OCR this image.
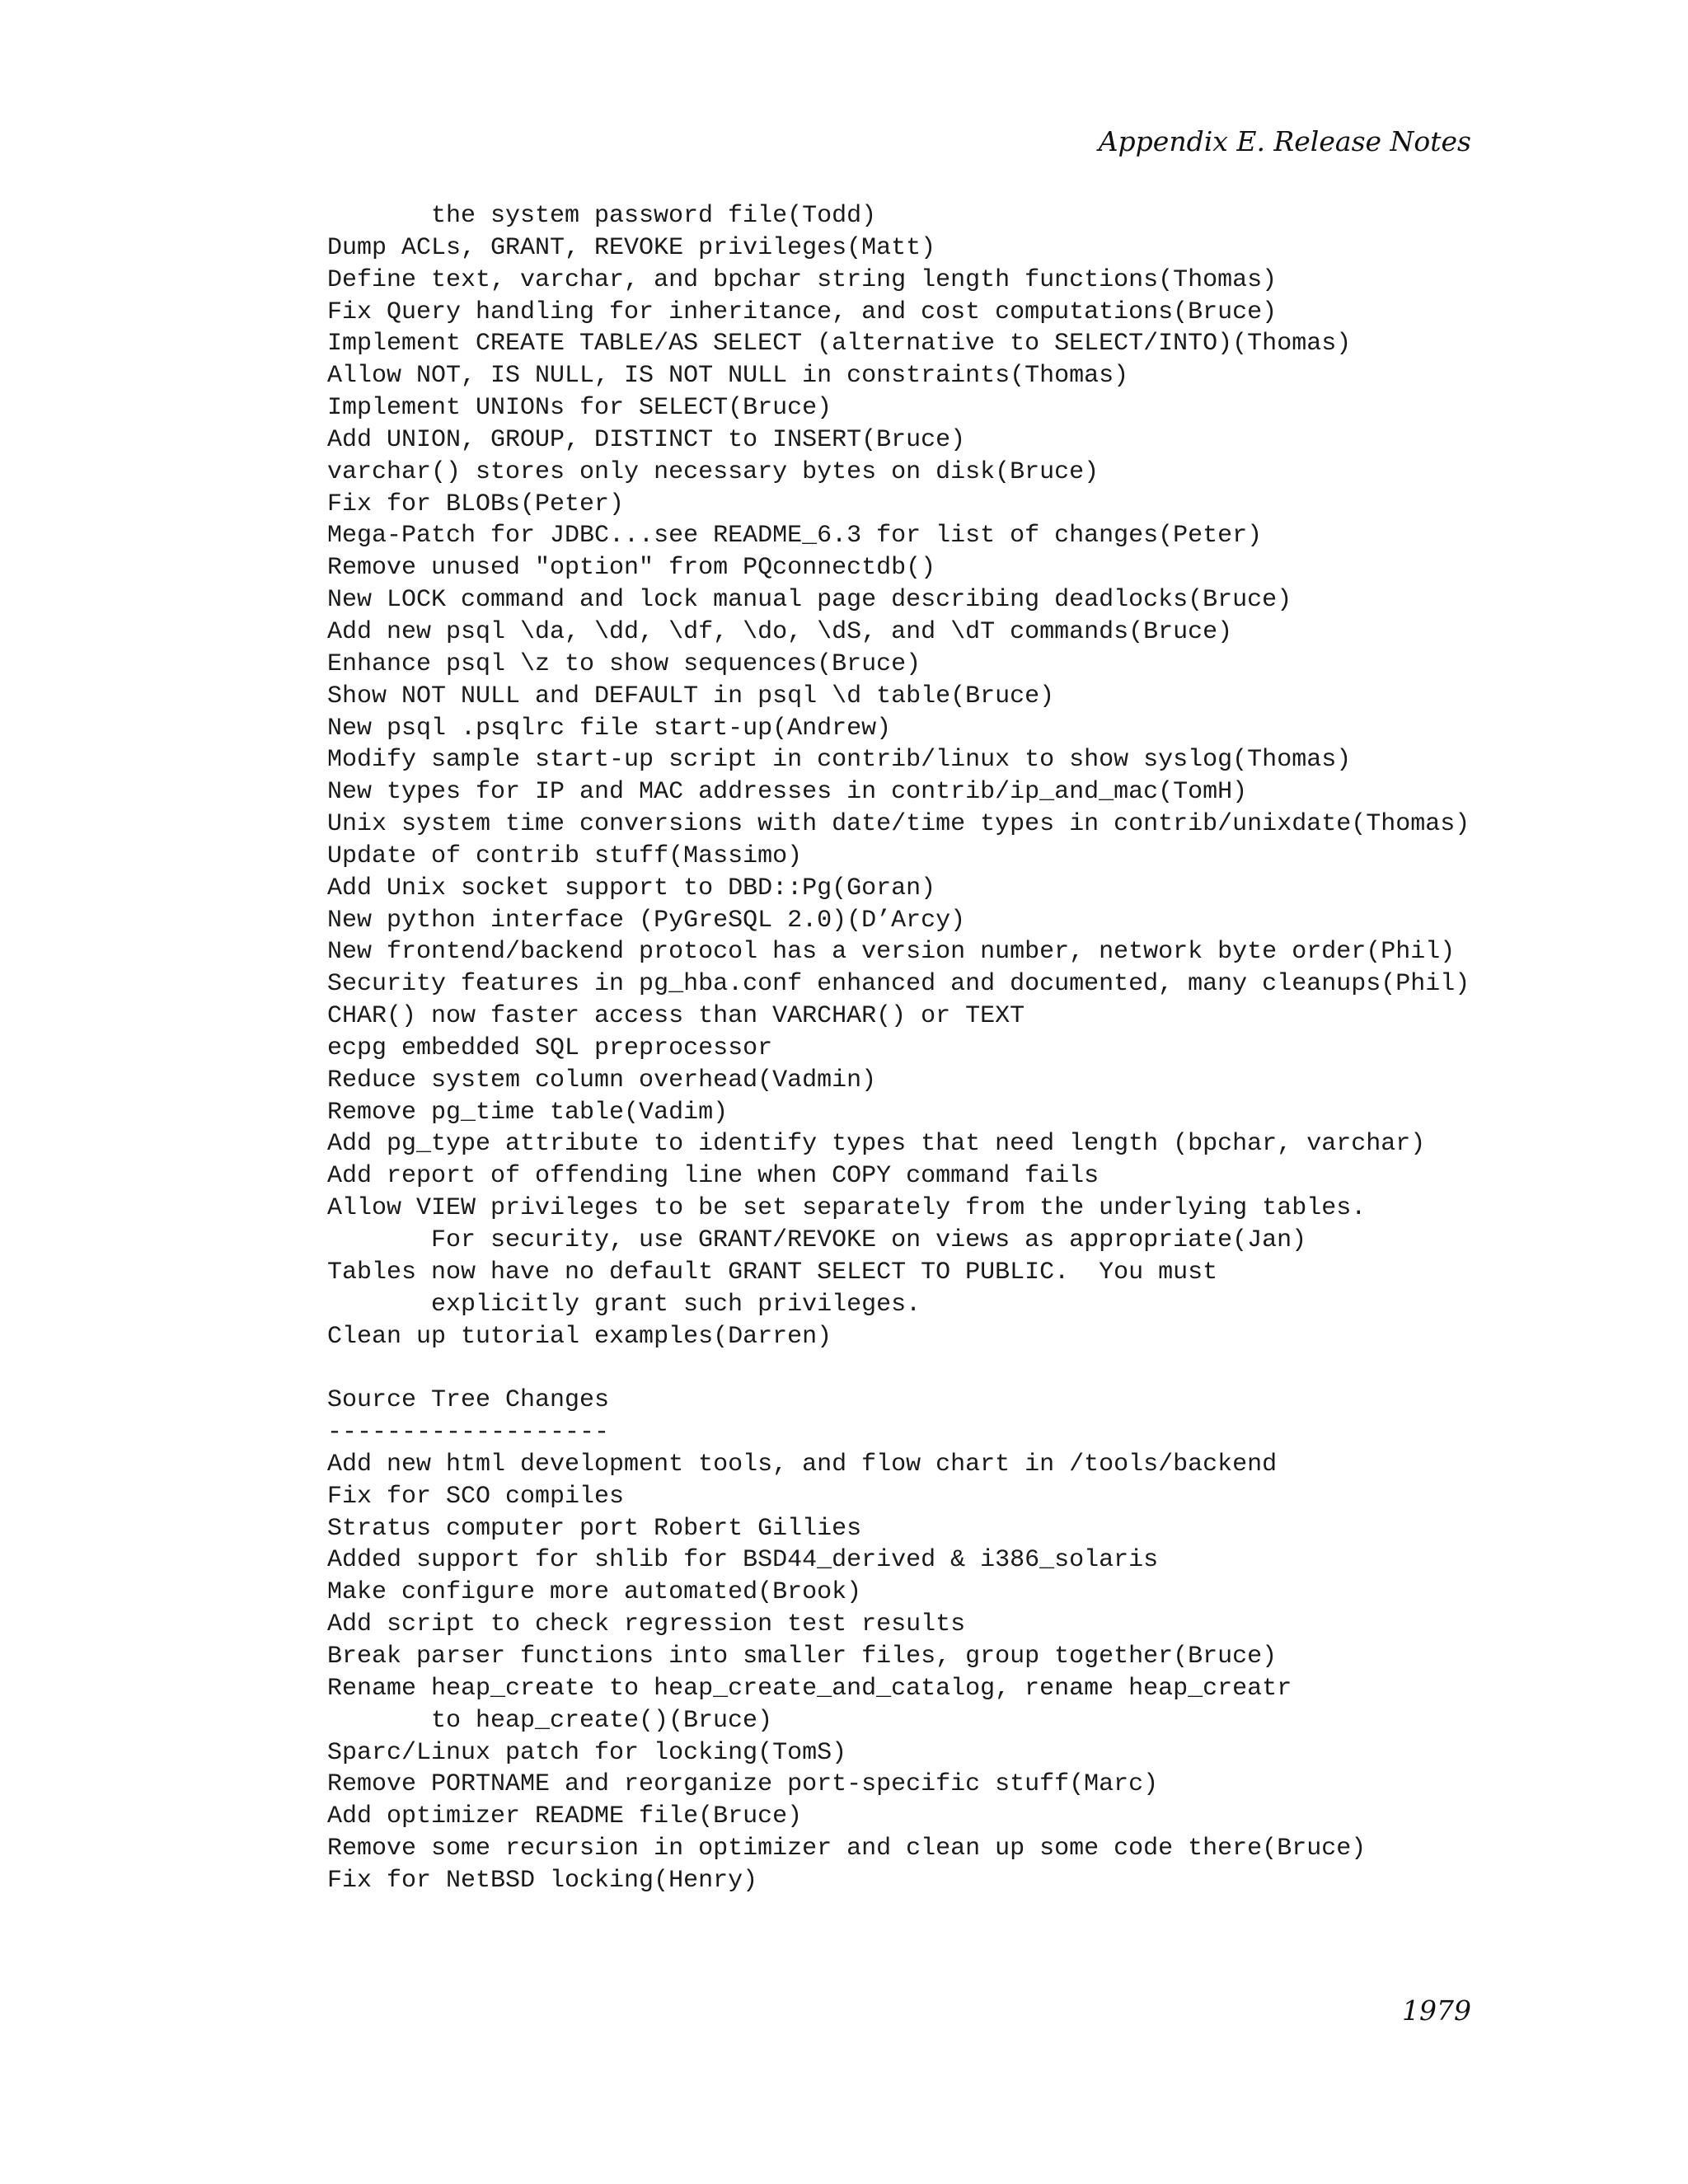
Appendix E. Release Notes
the system password file(Todd)
Dump ACLs, GRANT, REVOKE privileges(Matt)
Define text, varchar, and bpchar string length functions(Thomas)
Fix Query handling for inheritance, and cost computations(Bruce)
Implement CREATE TABLE/AS SELECT (alternative to SELECT/INTO)(Thomas)
Allow NOT, IS NULL, IS NOT NULL in constraints(Thomas)
Implement UNIONs for SELECT(Bruce)
Add UNION, GROUP, DISTINCT to INSERT(Bruce)
varchar() stores only necessary bytes on disk(Bruce)
Fix for BLOBs(Peter)
Mega-Patch for JDBC...see README_6.3 for list of changes(Peter)
Remove unused "option" from PQconnectdb()
New LOCK command and lock manual page describing deadlocks(Bruce)
Add new psql \da, \dd, \df, \do, \dS, and \dT commands(Bruce)
Enhance psql \z to show sequences(Bruce)
Show NOT NULL and DEFAULT in psql \d table(Bruce)
New psql .psqlrc file start-up(Andrew)
Modify sample start-up script in contrib/linux to show syslog(Thomas)
New types for IP and MAC addresses in contrib/ip_and_mac(TomH)
Unix system time conversions with date/time types in contrib/unixdate(Thomas)
Update of contrib stuff(Massimo)
Add Unix socket support to DBD::Pg(Goran)
New python interface (PyGreSQL 2.0)(D’Arcy)
New frontend/backend protocol has a version number, network byte order(Phil)
Security features in pg_hba.conf enhanced and documented, many cleanups(Phil)
CHAR() now faster access than VARCHAR() or TEXT
ecpg embedded SQL preprocessor
Reduce system column overhead(Vadmin)
Remove pg_time table(Vadim)
Add pg_type attribute to identify types that need length (bpchar, varchar)
Add report of offending line when COPY command fails
Allow VIEW privileges to be set separately from the underlying tables.
For security, use GRANT/REVOKE on views as appropriate(Jan)
Tables now have no default GRANT SELECT TO PUBLIC.  You must
explicitly grant such privileges.
Clean up tutorial examples(Darren)
Source Tree Changes
-------------------
Add new html development tools, and flow chart in /tools/backend
Fix for SCO compiles
Stratus computer port Robert Gillies
Added support for shlib for BSD44_derived & i386_solaris
Make configure more automated(Brook)
Add script to check regression test results
Break parser functions into smaller files, group together(Bruce)
Rename heap_create to heap_create_and_catalog, rename heap_creatr
to heap_create()(Bruce)
Sparc/Linux patch for locking(TomS)
Remove PORTNAME and reorganize port-specific stuff(Marc)
Add optimizer README file(Bruce)
Remove some recursion in optimizer and clean up some code there(Bruce)
Fix for NetBSD locking(Henry)
1979
